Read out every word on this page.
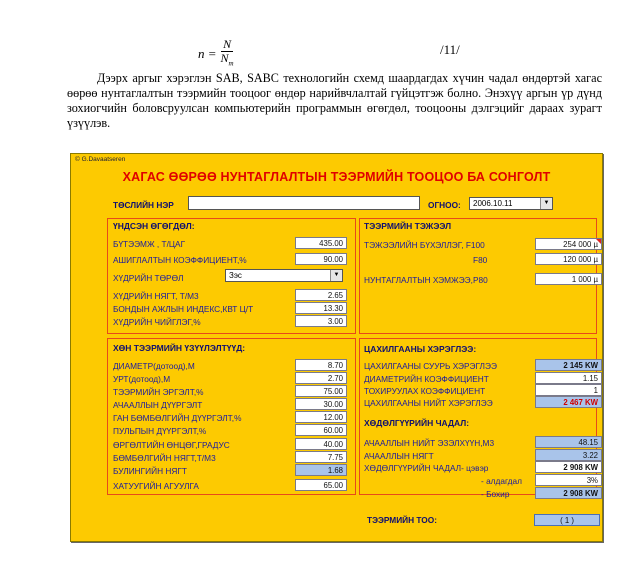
$n = \frac{N}{N_m}$	/11/
Дээрх аргыг хэрэглэн SAB, SABC технологийн схемд шаардагдах хүчин чадал өндөртэй хагас өөрөө нунтаглалтын тээрмийн тооцоог өндөр нарийвчлалтай гүйцэтгэж болно. Энэхүү аргын үр дүнд зохиогчийн боловсруулсан компьютерийн программын өгөгдөл, тооцооны дэлгэцийг дараах зурагт үзүүлэв.
© G.Davaatseren
ХАГАС ӨӨРӨӨ НУНТАГЛАЛТЫН ТЭЭРМИЙН ТООЦОО БА СОНГОЛТ
ТӨСЛИЙН НЭР	ОГНОО:	2006.10.11	▼
ҮНДСЭН ӨГӨГДӨЛ:
БҮТЭЭМЖ , Т/ЦАГ	435.00
АШИГЛАЛТЫН КОЭФФИЦИЕНТ,%	90.00
ХҮДРИЙН ТӨРӨЛ	Зэс	▼
ХҮДРИЙН НЯГТ, Т/М3	2.65
БОНДЫН АЖЛЫН ИНДЕКС,КВТ Ц/Т	13.30
ХҮДРИЙН ЧИЙГЛЭГ,%	3.00
ТЭЭРМИЙН ТЭЖЭЭЛ
ТЭЖЭЭЛИЙН БҮХЭЛЛЭГ, F100	254 000 µ
F80	120 000 µ
НУНТАГЛАЛТЫН ХЭМЖЭЭ,P80	1 000 µ
ХӨН ТЭЭРМИЙН ҮЗҮҮЛЭЛТҮҮД:
ДИАМЕТР(дотоод),М	8.70
УРТ(дотоод),М	2.70
ТЭЭРМИЙН ЭРГЭЛТ,%	75.00
АЧААЛЛЫН ДҮҮРГЭЛТ	30.00
ГАН БӨМБӨЛГИЙН ДҮҮРГЭЛТ,%	12.00
ПУЛЬПЫН ДҮҮРГЭЛТ,%	60.00
ӨРГӨЛТИЙН ӨНЦӨГ,ГРАДУС	40.00
БӨМБӨЛГИЙН НЯГТ,Т/М3	7.75
БУЛИНГИЙН НЯГТ	1.68
ХАТУУГИЙН АГУУЛГА	65.00
ЦАХИЛГААНЫ ХЭРЭГЛЭЭ:
ЦАХИЛГААНЫ СУУРЬ ХЭРЭГЛЭЭ	2 145 KW
ДИАМЕТРИЙН КОЭФФИЦИЕНТ	1.15
ТОХИРУУЛАХ КОЭФФИЦИЕНТ	1
ЦАХИЛГААНЫ НИЙТ ХЭРЭГЛЭЭ	2 467 KW
ХӨДӨЛГҮҮРИЙН ЧАДАЛ:
АЧААЛЛЫН НИЙТ ЭЗЭЛХҮҮН,М3	48.15
АЧААЛЛЫН НЯГТ	3.22
ХӨДӨЛГҮҮРИЙН ЧАДАЛ- цэвэр	2 908 KW
- алдагдал	3%
- Бохир	2 908 KW
ТЭЭРМИЙН ТОО:	( 1 )
